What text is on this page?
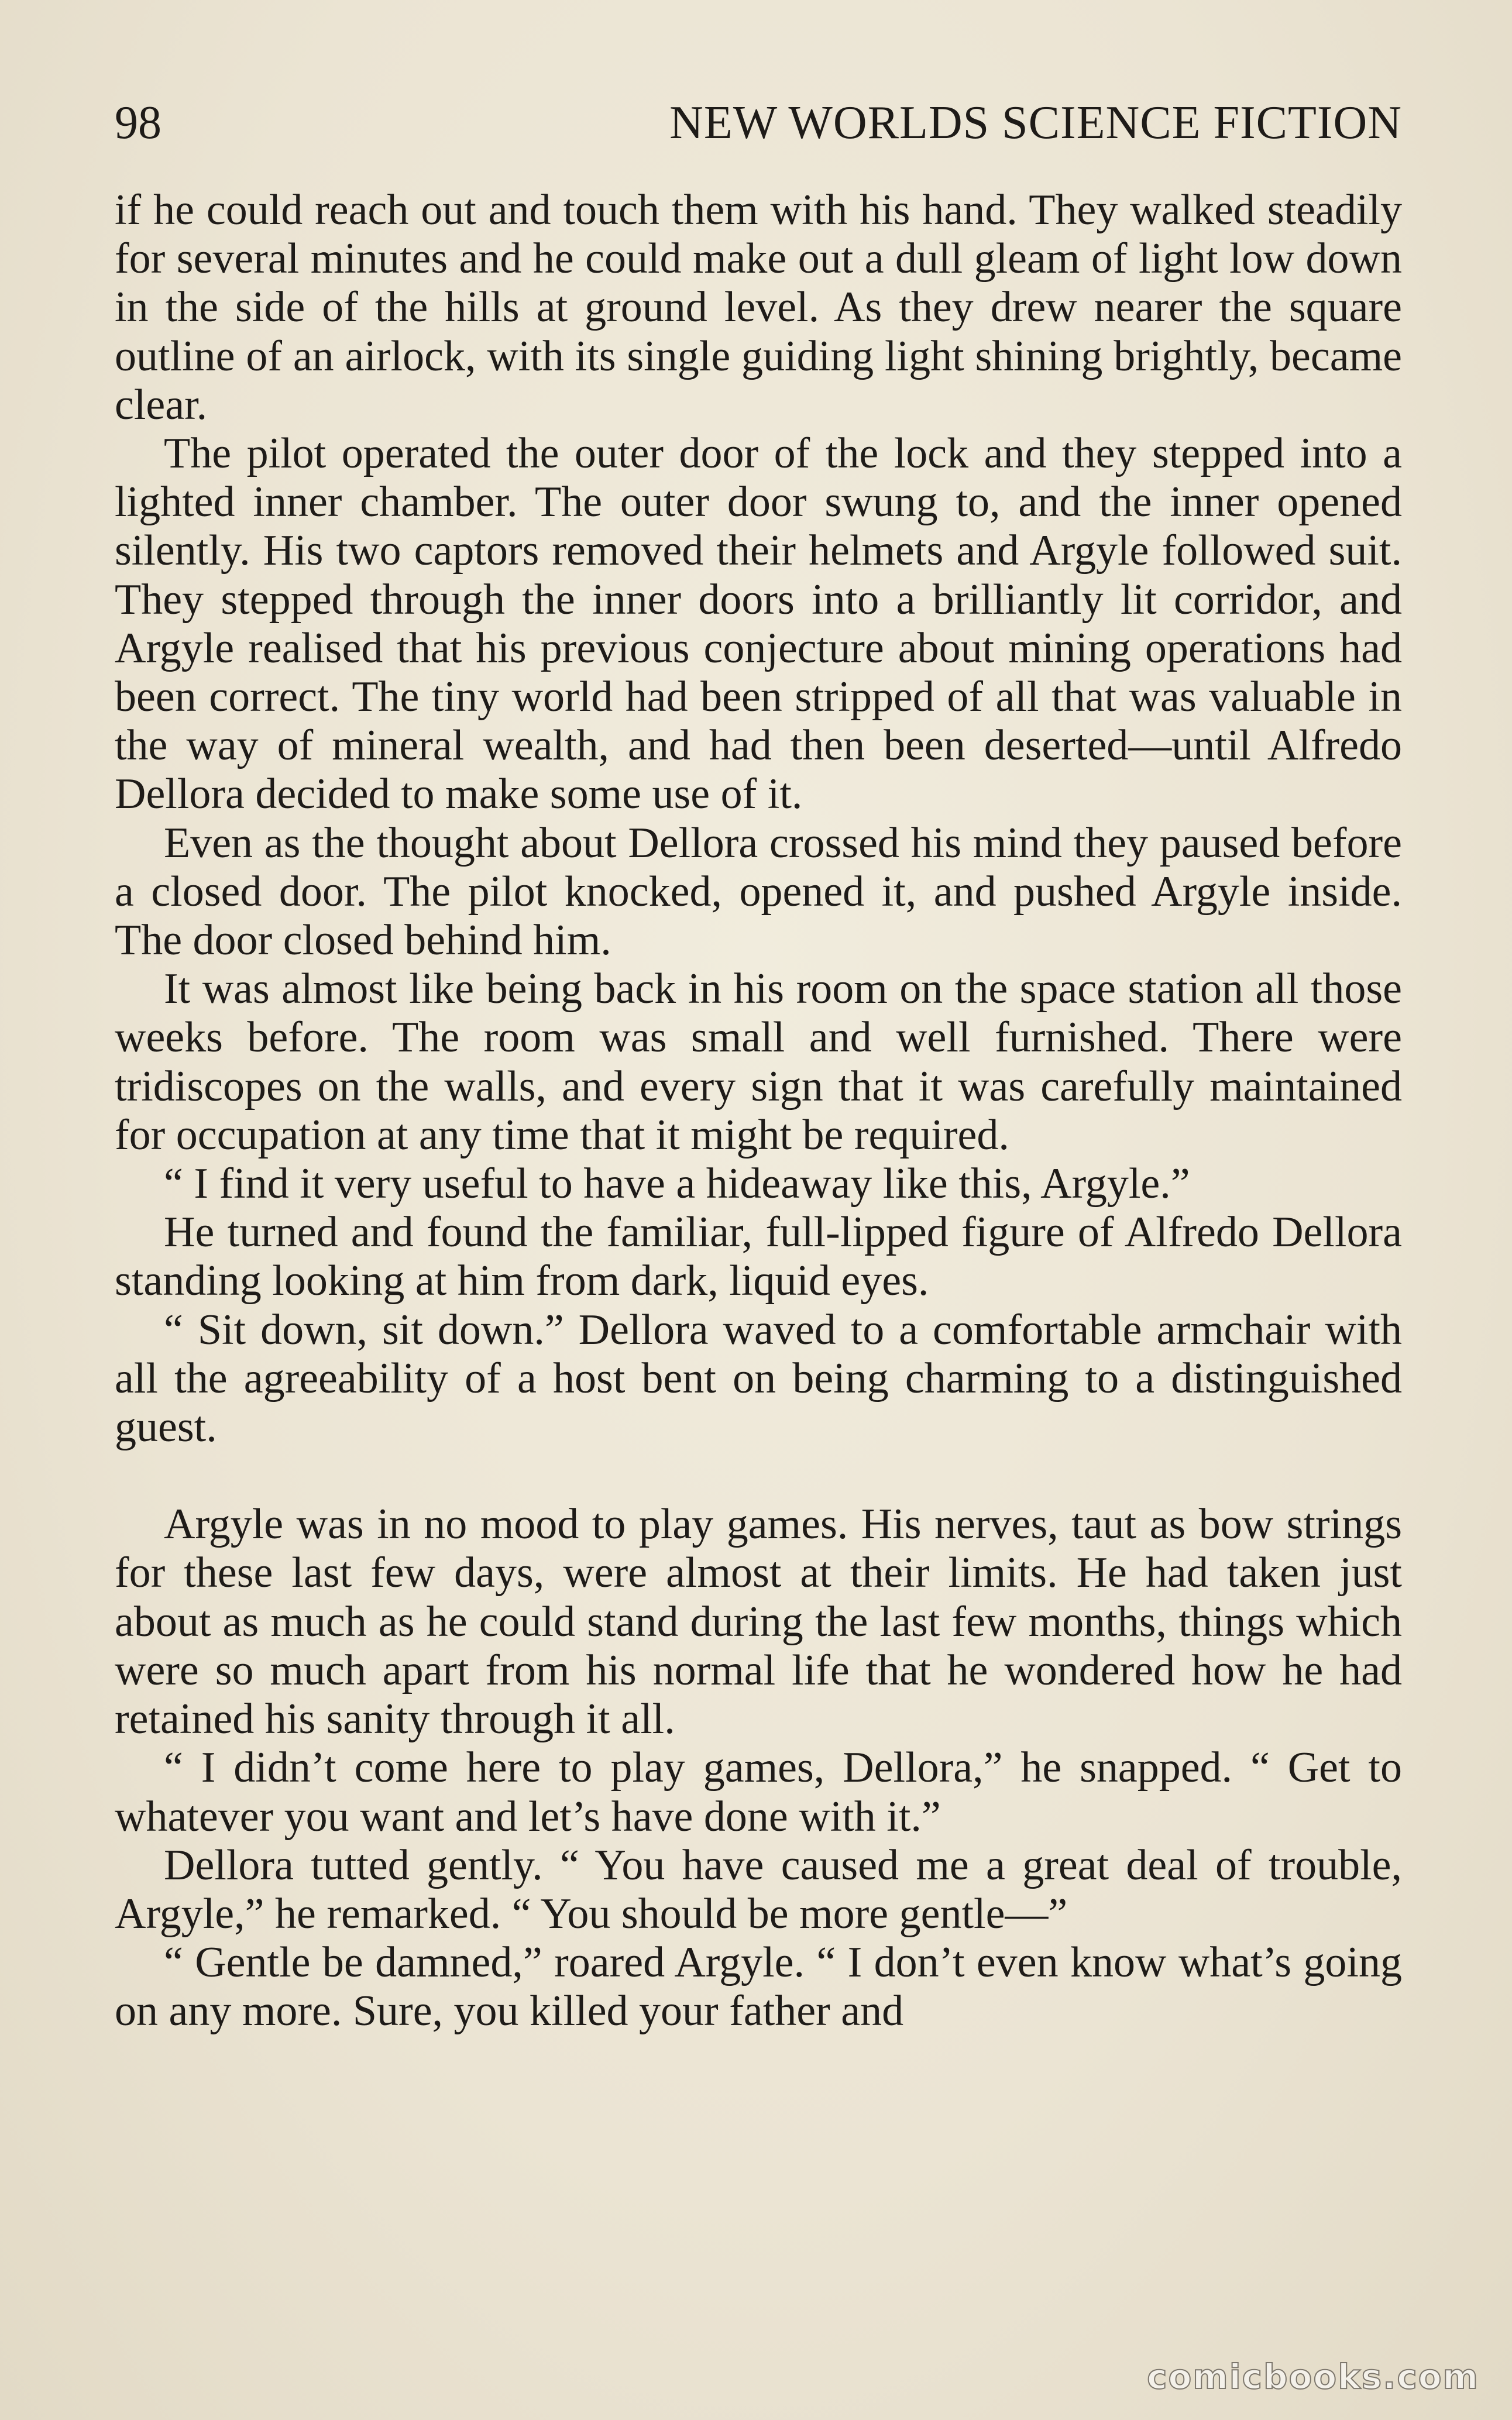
98	NEW WORLDS SCIENCE FICTION

if he could reach out and touch them with his hand. They walked steadily for several minutes and he could make out a dull gleam of light low down in the side of the hills at ground level. As they drew nearer the square outline of an airlock, with its single guiding light shining brightly, became clear.

The pilot operated the outer door of the lock and they stepped into a lighted inner chamber. The outer door swung to, and the inner opened silently. His two captors removed their helmets and Argyle followed suit. They stepped through the inner doors into a brilliantly lit corridor, and Argyle realised that his previous conjecture about mining operations had been correct. The tiny world had been stripped of all that was valuable in the way of mineral wealth, and had then been deserted—until Alfredo Dellora decided to make some use of it.

Even as the thought about Dellora crossed his mind they paused before a closed door. The pilot knocked, opened it, and pushed Argyle inside. The door closed behind him.

It was almost like being back in his room on the space station all those weeks before. The room was small and well furnished. There were tridiscopes on the walls, and every sign that it was carefully maintained for occupation at any time that it might be required.

“ I find it very useful to have a hideaway like this, Argyle.”

He turned and found the familiar, full-lipped figure of Alfredo Dellora standing looking at him from dark, liquid eyes.

“ Sit down, sit down.” Dellora waved to a comfortable armchair with all the agreeability of a host bent on being charming to a distinguished guest.

Argyle was in no mood to play games. His nerves, taut as bow strings for these last few days, were almost at their limits. He had taken just about as much as he could stand during the last few months, things which were so much apart from his normal life that he wondered how he had retained his sanity through it all.

“ I didn’t come here to play games, Dellora,” he snapped. “ Get to whatever you want and let’s have done with it.”

Dellora tutted gently. “ You have caused me a great deal of trouble, Argyle,” he remarked. “ You should be more gentle—”

“ Gentle be damned,” roared Argyle. “ I don’t even know what’s going on any more. Sure, you killed your father and

comicbooks.com
